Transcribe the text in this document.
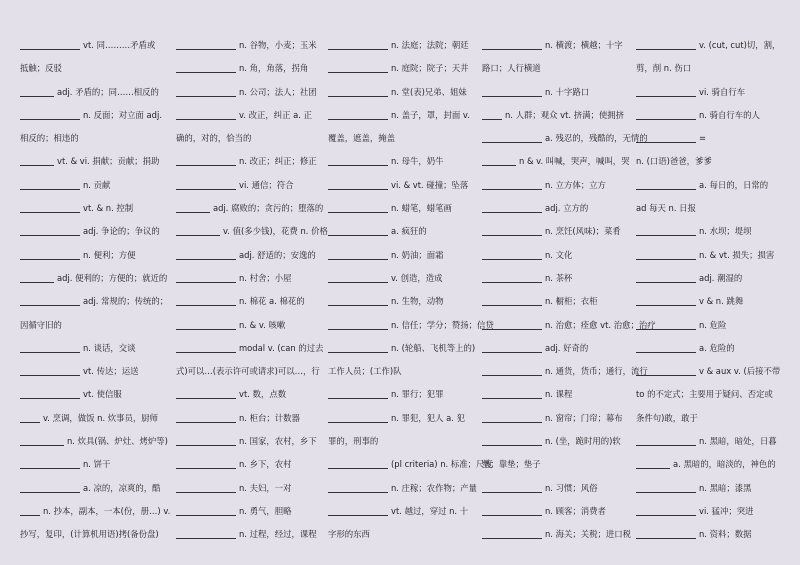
vt. 同………矛盾或
抵触；反驳
adj. 矛盾的；同……相反的
n. 反面；对立面 adj.
相反的；相违的
vt. & vi. 捐献；贡献；捐助
n. 贡献
vt. & n. 控制
adj. 争论的；争议的
n. 便利；方便
adj. 便利的；方便的；就近的
adj. 常规的；传统的；
因循守旧的
n. 谈话，交谈
vt. 传达；运送
vt. 使信服
v. 烹调，做饭 n. 炊事员，厨师
n. 炊具(锅、炉灶、烤炉等)
n. 饼干
a. 凉的，凉爽的，酷
n. 抄本，副本，一本(份，册…) v.
抄写，复印，(计算机用语)拷(备份盘)
n. 谷物，小麦；玉米
n. 角，角落，拐角
n. 公司；法人；社团
v. 改正，纠正 a. 正
确的，对的，恰当的
n. 改正；纠正；修正
vi. 通信；符合
adj. 腐败的；贪污的；堕落的
v. 值(多少钱)，花费 n. 价格
adj. 舒适的；安逸的
n. 村舍；小屋
n. 棉花 a. 棉花的
n. & v. 咳嗽
modal v. (can 的过去
式)可以…(表示许可或请求)可以…，行
vt. 数，点数
n. 柜台；计数器
n. 国家，农村，乡下
n. 乡下，农村
n. 夫妇，一对
n. 勇气，胆略
n. 过程，经过，课程
n. 法庭；法院；朝廷
n. 庭院；院子；天井
n. 堂(表)兄弟、姐妹
n. 盖子，罩，封面 v.
覆盖，遮盖，掩盖
n. 母牛，奶牛
vi. & vt. 碰撞；坠落
n. 蜡笔，蜡笔画
a. 疯狂的
n. 奶油；面霜
v. 创造，造成
n. 生物，动物
n. 信任；学分；赞扬；信贷
n. (轮船、飞机等上的)
工作人员；(工作)队
n. 罪行；犯罪
n. 罪犯，犯人 a. 犯
罪的，刑事的
(pl criteria) n. 标准；尺度
n. 庄稼；农作物；产量
vt. 越过，穿过 n. 十
字形的东西
n. 横渡；横越；十字
路口；人行横道
n. 十字路口
n. 人群；观众 vt. 挤满；使拥挤
a. 残忍的，残酷的，无情的
n & v. 叫喊，哭声，喊叫，哭
n. 立方体；立方
adj. 立方的
n. 烹饪(风味)；菜肴
n. 文化
n. 茶杯
n. 橱柜；衣柜
n. 治愈；痊愈 vt. 治愈；治疗
adj. 好奇的
n. 通货，货币；通行，流行
n. 课程
n. 窗帘；门帘；幕布
n. (坐，跪时用的)软
垫；靠垫；垫子
n. 习惯；风俗
n. 顾客；消费者
n. 海关；关税；进口税
v. (cut, cut)切，割，
剪，削 n. 伤口
vi. 骑自行车
n. 骑自行车的人
=
n. (口语)爸爸，爹爹
a. 每日的，日常的
ad 每天 n. 日报
n. 水坝；堤坝
n. & vt. 损失；损害
adj. 潮湿的
v & n. 跳舞
n. 危险
a. 危险的
v & aux v. (后接不带
to 的不定式；主要用于疑问、否定或
条件句)敢，敢于
n. 黑暗，暗处，日暮
a. 黑暗的，暗淡的，神色的
n. 黑暗；漆黑
vi. 猛冲；突进
n. 资料；数据
